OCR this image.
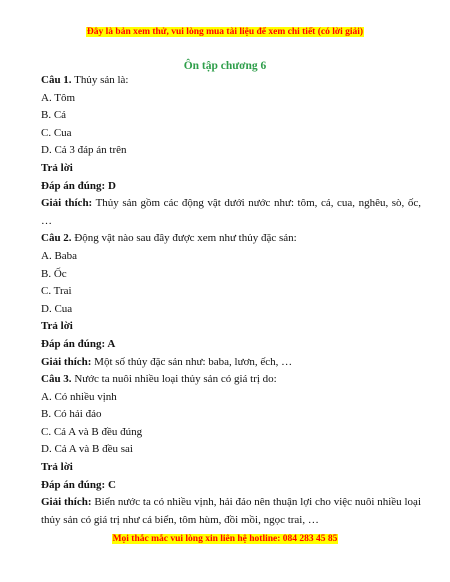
Đây là bản xem thử, vui lòng mua tài liệu để xem chi tiết (có lời giải)
Ôn tập chương 6
Câu 1. Thủy sản là:
A. Tôm
B. Cá
C. Cua
D. Cả 3 đáp án trên
Trả lời
Đáp án đúng: D
Giải thích: Thủy sản gồm các động vật dưới nước như: tôm, cá, cua, nghêu, sò, ốc, …
Câu 2. Động vật nào sau đây được xem như thủy đặc sản:
A. Baba
B. Ốc
C. Trai
D. Cua
Trả lời
Đáp án đúng: A
Giải thích: Một số thủy đặc sản như: baba, lươn, ếch, …
Câu 3. Nước ta nuôi nhiều loại thủy sản có giá trị do:
A. Có nhiều vịnh
B. Có hải đảo
C. Cả A và B đều đúng
D. Cả A và B đều sai
Trả lời
Đáp án đúng: C
Giải thích: Biển nước ta có nhiều vịnh, hải đảo nên thuận lợi cho việc nuôi nhiều loại thủy sản có giá trị như cá biển, tôm hùm, đồi mồi, ngọc trai, …
Mọi thắc mắc vui lòng xin liên hệ hotline: 084 283 45 85
